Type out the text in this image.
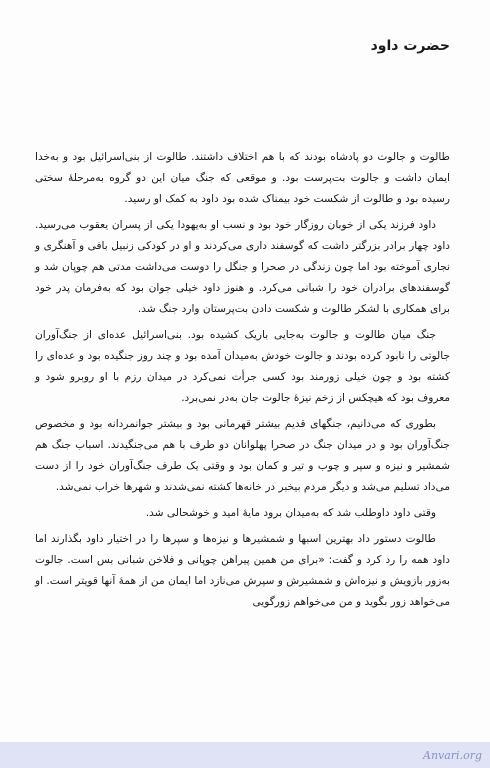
حضرت داود

طالوت و جالوت دو پادشاه بودند که با هم اختلاف داشتند. طالوت از بنی‌اسرائیل بود و به‌خدا ایمان داشت و جالوت بت‌پرست بود. و موقعی که جنگ میان این دو گروه به‌مرحلهٔ سختی رسیده بود و طالوت از شکست خود بیمناک شده بود داود به کمک او رسید.

داود فرزند یکی از خوبان روزگار خود بود و نسب او به‌یهودا یکی از پسران یعقوب می‌رسید. داود چهار برادر بزرگتر داشت که گوسفند داری می‌کردند و او در کودکی زنبیل بافی و آهنگری و نجاری آموخته بود اما چون زندگی در صحرا و جنگل را دوست می‌داشت مدتی هم چوپان شد و گوسفندهای برادران خود را شبانی می‌کرد. و هنوز داود خیلی جوان بود که به‌فرمان پدر خود برای همکاری با لشکر طالوت و شکست دادن بت‌پرستان وارد جنگ شد.

جنگ میان طالوت و جالوت به‌جایی باریک کشیده بود. بنی‌اسرائیل عده‌ای از جنگ‌آوران جالوتی را نابود کرده بودند و جالوت خودش به‌میدان آمده بود و چند روز جنگیده بود و عده‌ای را کشته بود و چون خیلی زورمند بود کسی جرأت نمی‌کرد در میدان رزم با او روبرو شود و معروف بود که هیچکس از زخم نیزهٔ جالوت جان به‌در نمی‌برد.

بطوری که می‌دانیم، جنگهای قدیم بیشتر قهرمانی بود و بیشتر جوانمردانه بود و مخصوص جنگ‌آوران بود و در میدان جنگ در صحرا پهلوانان دو طرف با هم می‌جنگیدند. اسباب جنگ هم شمشیر و نیزه و سپر و چوب و تیر و کمان بود و وقتی یک طرف جنگ‌آوران خود را از دست می‌داد تسلیم می‌شد و دیگر مردم بیخبر در خانه‌ها کشته نمی‌شدند و شهرها خراب نمی‌شد.

وقتی داود داوطلب شد که به‌میدان برود مایهٔ امید و خوشحالی شد.

طالوت دستور داد بهترین اسبها و شمشیرها و نیزه‌ها و سپرها را در اختیار داود بگذارند اما داود همه را رد کرد و گفت: «برای من همین پیراهن چوپانی و فلاخن شبانی بس است. جالوت به‌زور بازویش و نیزه‌اش و شمشیرش و سپرش می‌نازد اما ایمان من از همهٔ آنها قویتر است. او می‌خواهد زور بگوید و من می‌خواهم زورگویی

Anvari.org
